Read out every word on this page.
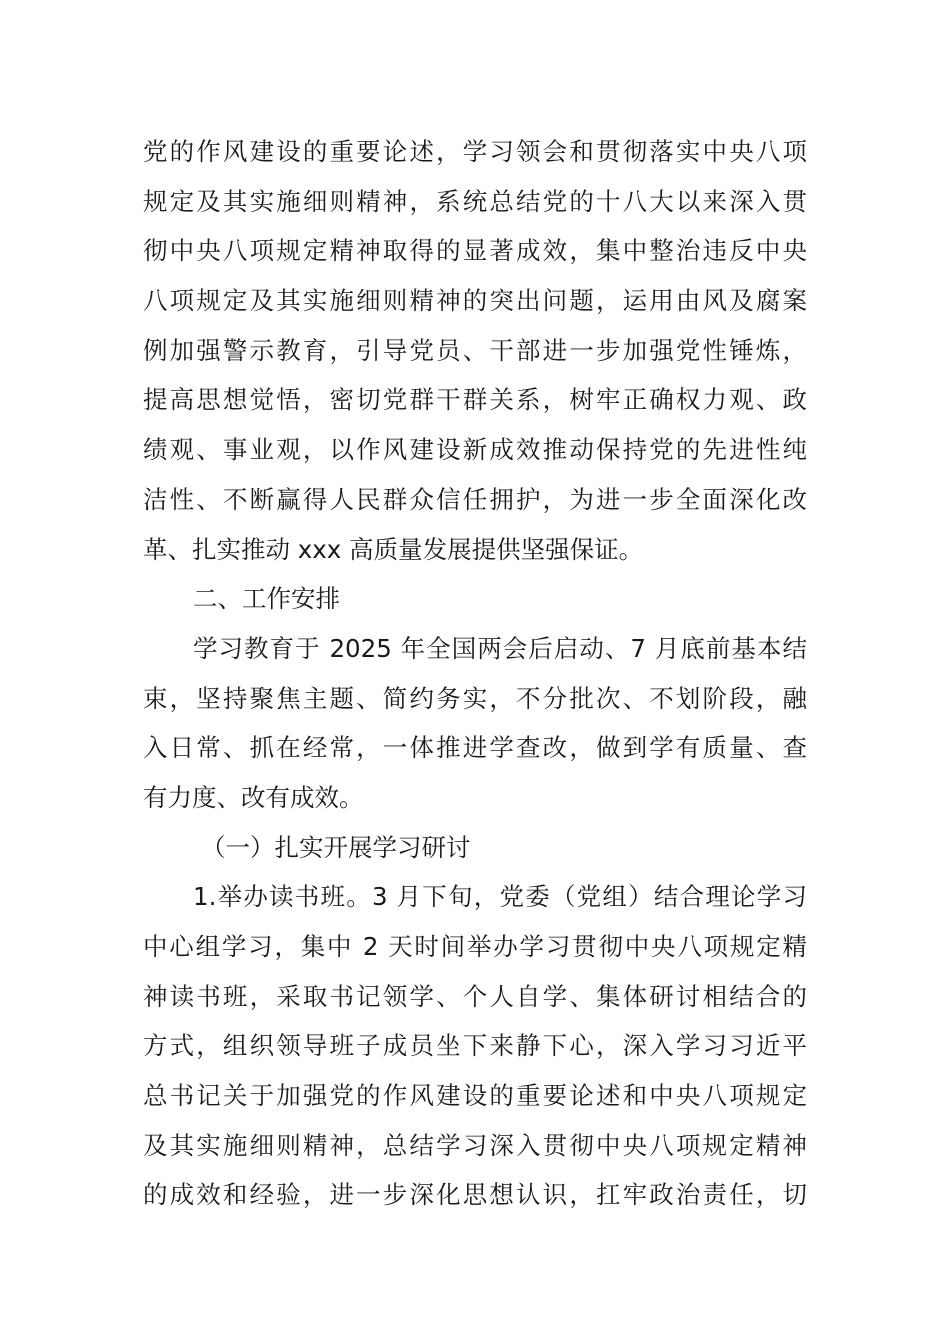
党的作风建设的重要论述，学习领会和贯彻落实中央八项
规定及其实施细则精神，系统总结党的十八大以来深入贯
彻中央八项规定精神取得的显著成效，集中整治违反中央
八项规定及其实施细则精神的突出问题，运用由风及腐案
例加强警示教育，引导党员、干部进一步加强党性锤炼，
提高思想觉悟，密切党群干群关系，树牢正确权力观、政
绩观、事业观，以作风建设新成效推动保持党的先进性纯
洁性、不断赢得人民群众信任拥护，为进一步全面深化改
革、扎实推动 xxx 高质量发展提供坚强保证。
二、工作安排
学习教育于 2025 年全国两会后启动、7 月底前基本结
束，坚持聚焦主题、简约务实，不分批次、不划阶段，融
入日常、抓在经常，一体推进学查改，做到学有质量、查
有力度、改有成效。
（一）扎实开展学习研讨
1.举办读书班。3 月下旬，党委（党组）结合理论学习
中心组学习，集中 2 天时间举办学习贯彻中央八项规定精
神读书班，采取书记领学、个人自学、集体研讨相结合的
方式，组织领导班子成员坐下来静下心，深入学习习近平
总书记关于加强党的作风建设的重要论述和中央八项规定
及其实施细则精神，总结学习深入贯彻中央八项规定精神
的成效和经验，进一步深化思想认识，扛牢政治责任，切
